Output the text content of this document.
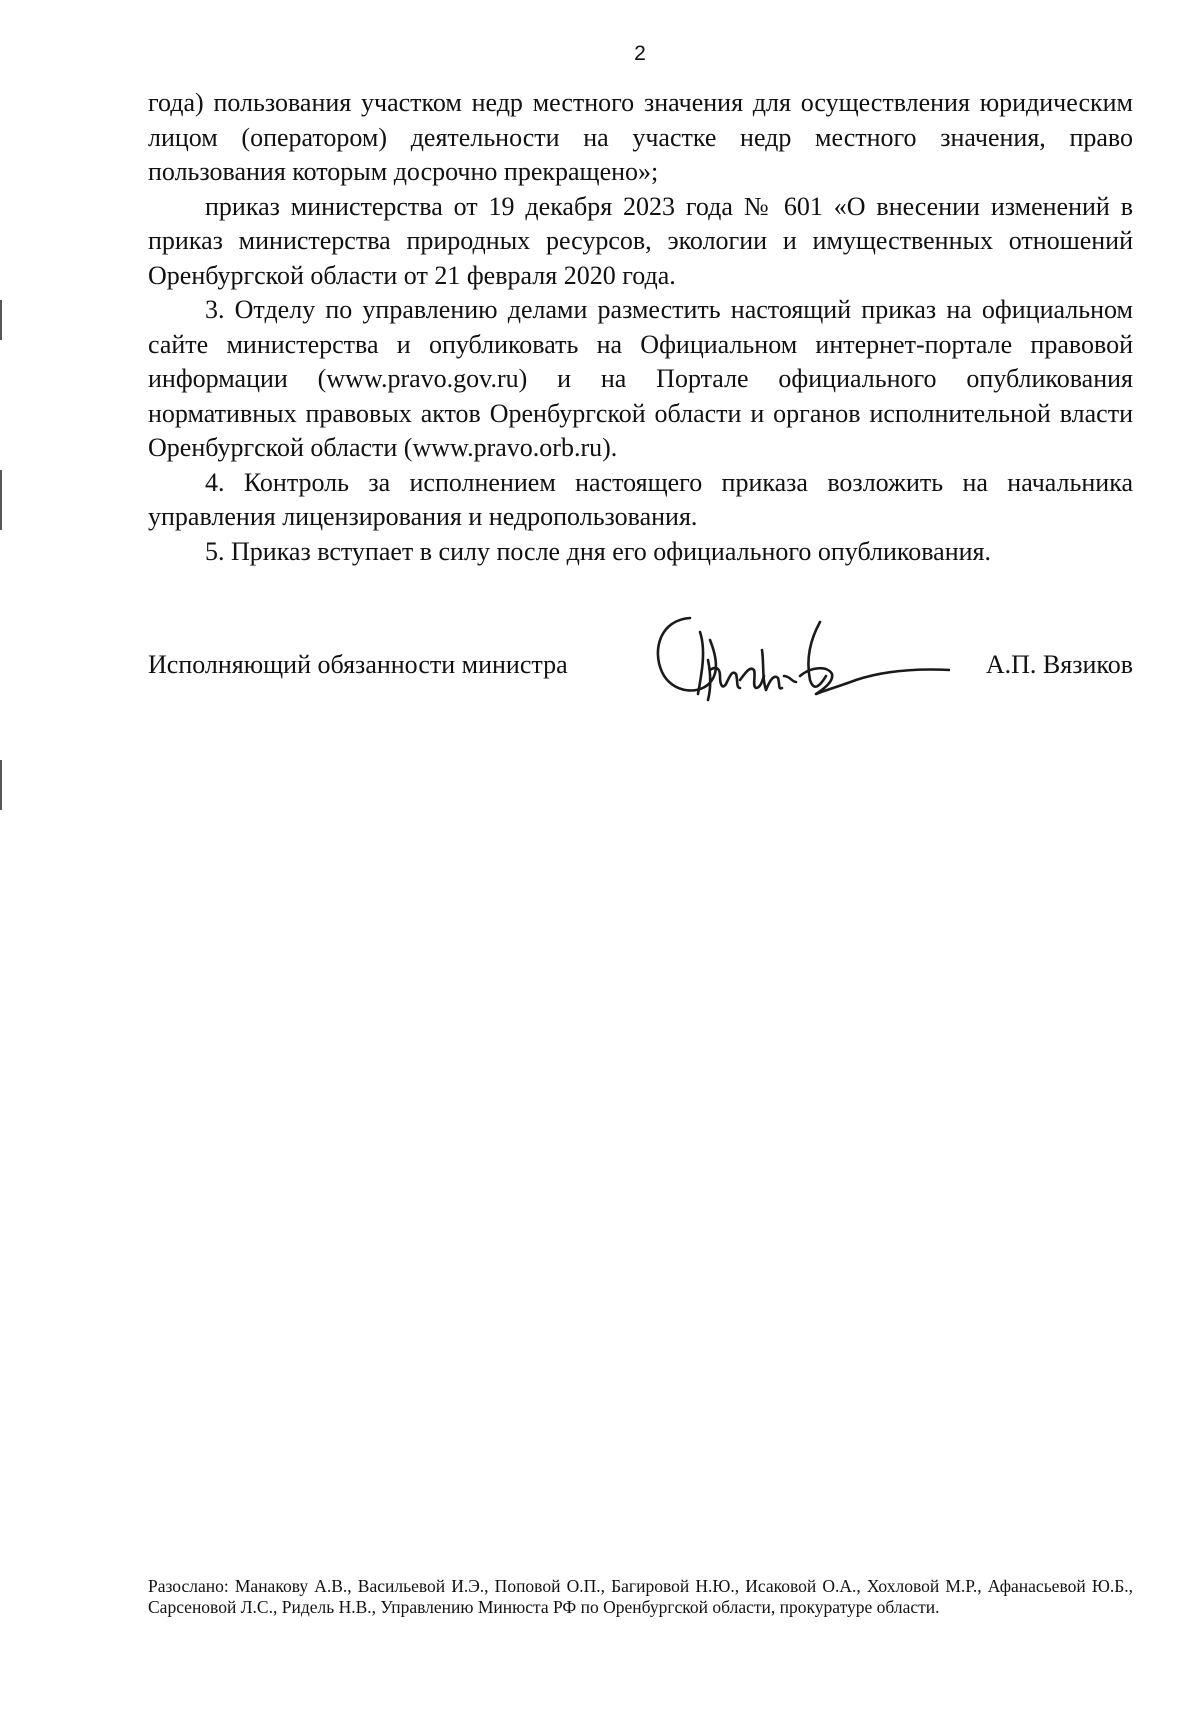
2

года) пользования участком недр местного значения для осуществления юридическим лицом (оператором) деятельности на участке недр местного значения, право пользования которым досрочно прекращено»;

приказ министерства от 19 декабря 2023 года № 601 «О внесении изменений в приказ министерства природных ресурсов, экологии и имущественных отношений Оренбургской области от 21 февраля 2020 года.

3. Отделу по управлению делами разместить настоящий приказ на официальном сайте министерства и опубликовать на Официальном интернет-портале правовой информации (www.pravo.gov.ru) и на Портале официального опубликования нормативных правовых актов Оренбургской области и органов исполнительной власти Оренбургской области (www.pravo.orb.ru).

4. Контроль за исполнением настоящего приказа возложить на начальника управления лицензирования и недропользования.

5. Приказ вступает в силу после дня его официального опубликования.

Исполняющий обязанности министра	А.П. Вязиков
Разослано: Манакову А.В., Васильевой И.Э., Поповой О.П., Багировой Н.Ю., Исаковой О.А., Хохловой М.Р., Афанасьевой Ю.Б., Сарсеновой Л.С., Ридель Н.В., Управлению Минюста РФ по Оренбургской области, прокуратуре области.
